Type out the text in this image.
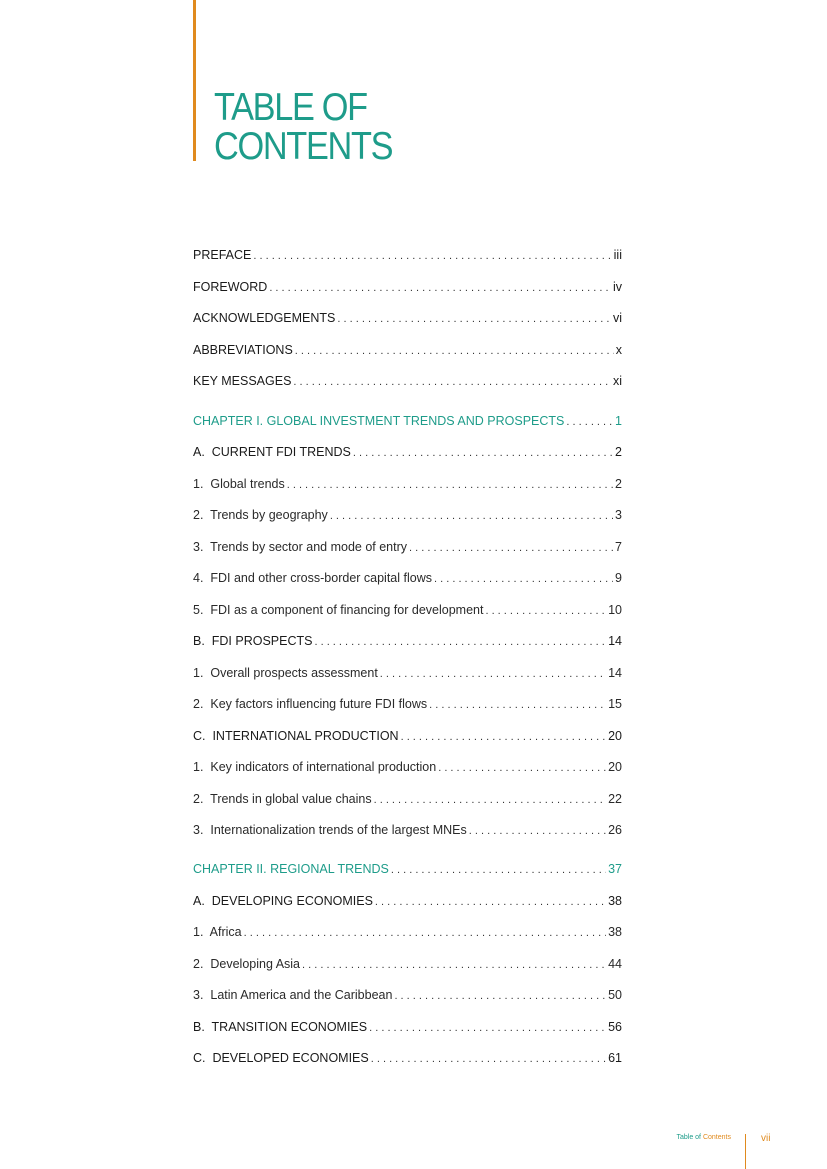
TABLE OF
CONTENTS
PREFACE . . .	iii
FOREWORD . . .	iv
ACKNOWLEDGEMENTS . . .	vi
ABBREVIATIONS . . .	x
KEY MESSAGES . . .	xi
CHAPTER I. GLOBAL INVESTMENT TRENDS AND PROSPECTS . . .	1
A.  CURRENT FDI TRENDS . . .	2
1.  Global trends . . .	2
2.  Trends by geography . . .	3
3.  Trends by sector and mode of entry . . .	7
4.  FDI and other cross-border capital flows . . .	9
5.  FDI as a component of financing for development . . .	10
B.  FDI PROSPECTS . . .	14
1.  Overall prospects assessment . . .	14
2.  Key factors influencing future FDI flows . . .	15
C.  INTERNATIONAL PRODUCTION . . .	20
1.  Key indicators of international production . . .	20
2.  Trends in global value chains . . .	22
3.  Internationalization trends of the largest MNEs . . .	26
CHAPTER II. REGIONAL TRENDS . . .	37
A.  DEVELOPING ECONOMIES . . .	38
1.  Africa . . .	38
2.  Developing Asia . . .	44
3.  Latin America and the Caribbean . . .	50
B.  TRANSITION ECONOMIES . . .	56
C.  DEVELOPED ECONOMIES . . .	61
Table of Contents	vii
